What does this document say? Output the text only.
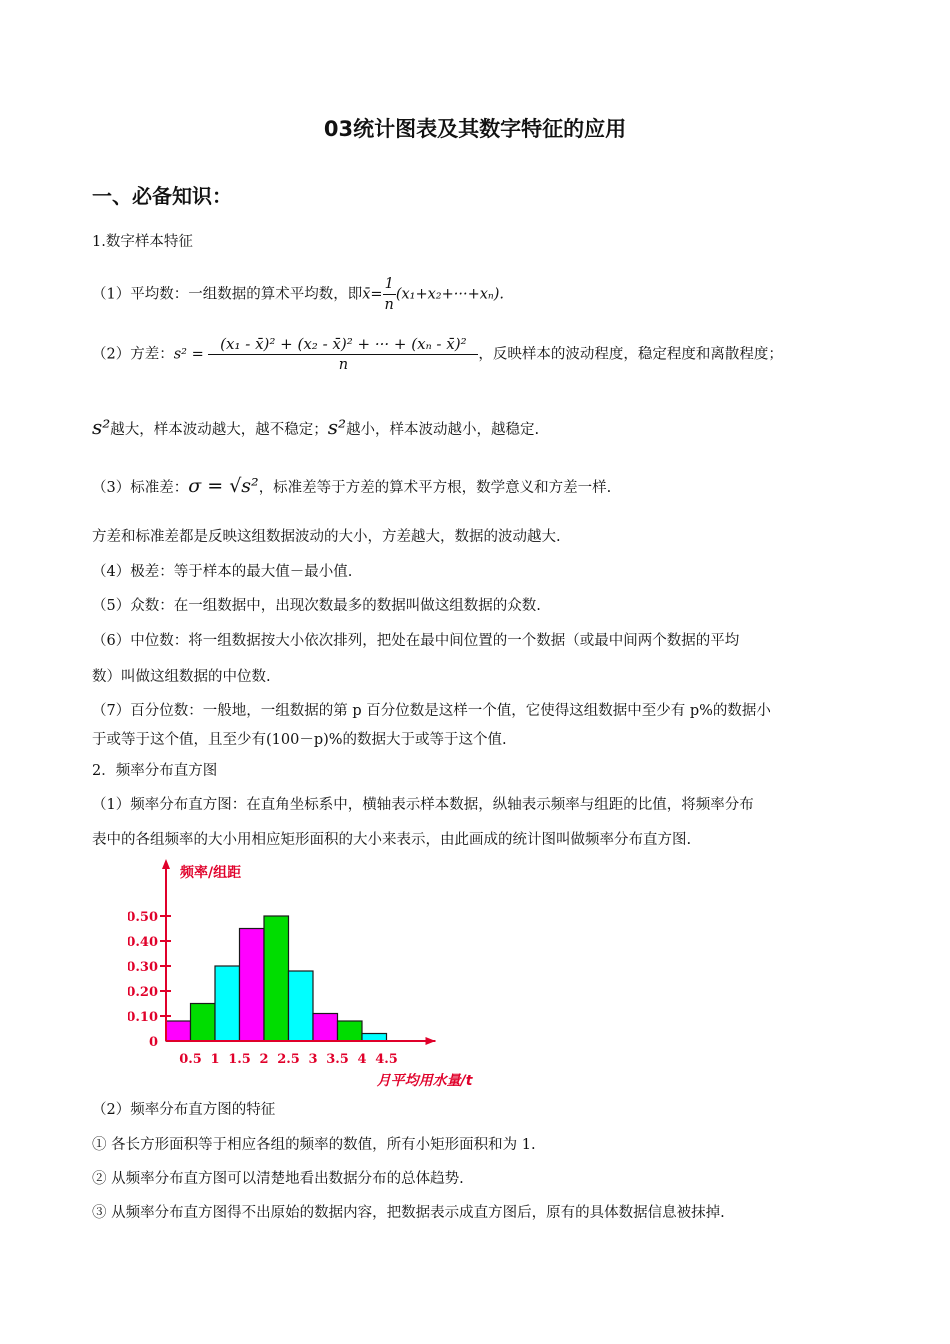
03统计图表及其数字特征的应用
一、必备知识：
1.数字样本特征
（1）平均数：一组数据的算术平均数，即x̄= $\frac{1}{n} (x_1+x_2+\cdot\cdot\cdot+x_n)$.
（2）方差：$s^2 = \frac{\text{(x₁ - x̄)² + (x₂ - x̄)² + ··· + (xₙ - x̄)²}}{n}$ ，反映样本的波动程度，稳定程度和离散程度；
s²越大，样本波动越大，越不稳定；s²越小，样本波动越小，越稳定.
（3）标准差：σ = √s²，标准差等于方差的算术平方根，数学意义和方差一样.
方差和标准差都是反映这组数据波动的大小，方差越大，数据的波动越大.
（4）极差：等于样本的最大值－最小值.
（5）众数：在一组数据中，出现次数最多的数据叫做这组数据的众数.
（6）中位数：将一组数据按大小依次排列，把处在最中间位置的一个数据（或最中间两个数据的平均
数）叫做这组数据的中位数.
（7）百分位数：一般地，一组数据的第 p 百分位数是这样一个值，它使得这组数据中至少有 p%的数据小
于或等于这个值，且至少有(100－p)%的数据大于或等于这个值.
2．频率分布直方图
（1）频率分布直方图：在直角坐标系中，横轴表示样本数据，纵轴表示频率与组距的比值，将频率分布
表中的各组频率的大小用相应矩形面积的大小来表示，由此画成的统计图叫做频率分布直方图.
0.10
0.20
0.30
0.40
0.50
0
0.5 1 1.5 2 2.5 3 3.5 4 4.5
频率/组距
月平均用水量/t
（2）频率分布直方图的特征
① 各长方形面积等于相应各组的频率的数值，所有小矩形面积和为 1.
② 从频率分布直方图可以清楚地看出数据分布的总体趋势.
③ 从频率分布直方图得不出原始的数据内容，把数据表示成直方图后，原有的具体数据信息被抹掉.
